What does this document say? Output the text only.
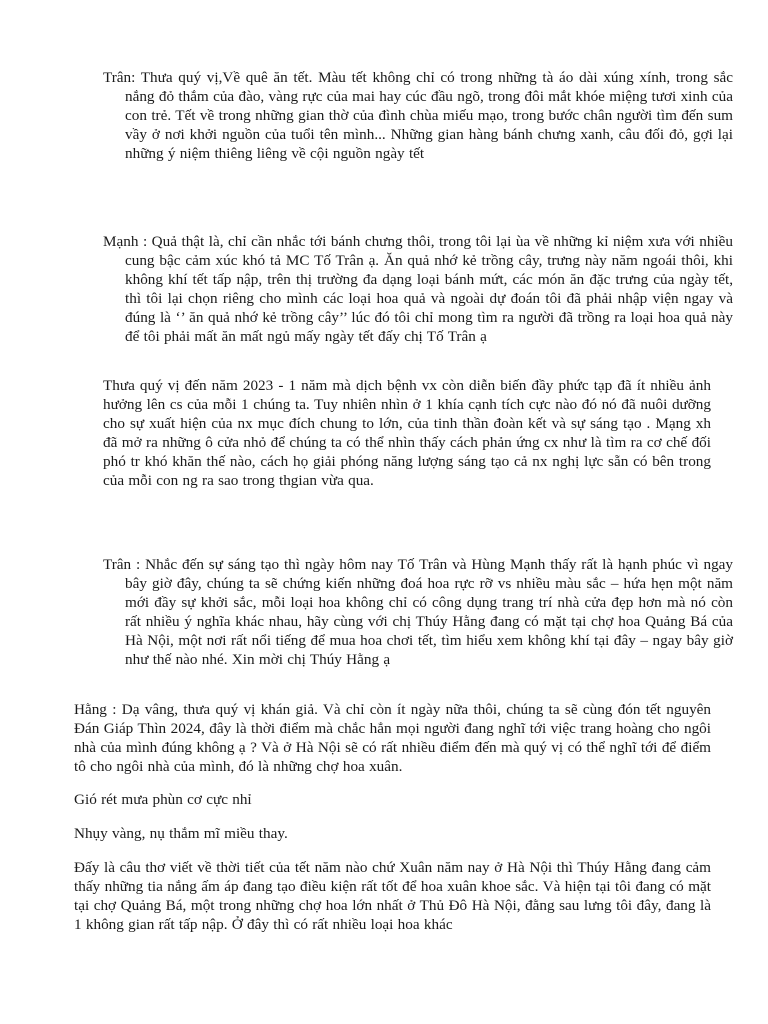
Trân: Thưa quý vị,Về quê ăn tết. Màu tết không chỉ có trong những tà áo dài xúng xính, trong sắc nắng đỏ thắm của đào, vàng rực của mai hay cúc đầu ngõ, trong đôi mắt khóe miệng tươi xinh của con trẻ. Tết về trong những gian thờ của đình chùa miếu mạo, trong bước chân người tìm đến sum vầy ở nơi khởi nguồn của tuổi tên mình... Những gian hàng bánh chưng xanh, câu đối đỏ, gợi lại những ý niệm thiêng liêng về cội nguồn ngày tết

Mạnh : Quả thật là, chỉ cần nhắc tới bánh chưng thôi, trong tôi lại ùa về những kỉ niệm xưa với nhiều cung bậc cảm xúc khó tả MC Tố Trân ạ. Ăn quả nhớ kẻ trồng cây, trưng này năm ngoái thôi, khi không khí tết tấp nập, trên thị trường đa dạng loại bánh mứt, các món ăn đặc trưng của ngày tết, thì tôi lại chọn riêng cho mình các loại hoa quả và ngoài dự đoán tôi đã phải nhập viện ngay và đúng là ‘’ ăn quả nhớ kẻ trồng cây’’ lúc đó tôi chỉ mong tìm ra người đã trồng ra loại hoa quả này để tôi phải mất ăn mất ngủ mấy ngày tết đấy chị Tố Trân ạ

Thưa quý vị đến năm 2023 - 1 năm mà dịch bệnh vx còn diễn biến đầy phức tạp đã ít nhiều ảnh hưởng lên cs của mỗi 1 chúng ta. Tuy nhiên nhìn ở 1 khía cạnh tích cực nào đó nó đã nuôi dưỡng cho sự xuất hiện của nx mục đích chung to lớn, của tinh thần đoàn kết và sự sáng tạo . Mạng xh đã mở ra những ô cửa nhỏ để chúng ta có thể nhìn thấy cách phản ứng cx như là tìm ra cơ chế đối phó tr khó khăn thế nào, cách họ giải phóng năng lượng sáng tạo cả nx nghị lực sẵn có bên trong của mỗi con ng ra sao trong thgian vừa qua.

Trân : Nhắc đến sự sáng tạo thì ngày hôm nay Tố Trân và Hùng Mạnh thấy rất là hạnh phúc vì ngay bây giờ đây, chúng ta sẽ chứng kiến những đoá hoa rực rỡ vs nhiều màu sắc – hứa hẹn một năm mới đầy sự khởi sắc, mỗi loại hoa không chỉ có công dụng trang trí nhà cửa đẹp hơn mà nó còn rất nhiều ý nghĩa khác nhau, hãy cùng với chị Thúy Hằng đang có mặt tại chợ hoa Quảng Bá của Hà Nội, một nơi rất nổi tiếng để mua hoa chơi tết, tìm hiểu xem không khí tại đây – ngay bây giờ như thế nào nhé. Xin mời chị Thúy Hằng ạ

Hằng : Dạ vâng, thưa quý vị khán giả. Và chỉ còn ít ngày nữa thôi, chúng ta sẽ cùng đón tết nguyên Đán Giáp Thìn 2024, đây là thời điểm mà chắc hẳn mọi người đang nghĩ tới việc trang hoàng cho ngôi nhà của mình đúng không ạ ? Và ở Hà Nội sẽ có rất nhiều điểm đến mà quý vị có thể nghĩ tới để điểm tô cho ngôi nhà của mình, đó là những chợ hoa xuân.

Gió rét mưa phùn cơ cực nhỉ

Nhụy vàng, nụ thắm mĩ miều thay.

Đấy là câu thơ viết về thời tiết của tết năm nào chứ Xuân năm nay ở Hà Nội thì Thúy Hằng đang cảm thấy những tia nắng ấm áp đang tạo điều kiện rất tốt để hoa xuân khoe sắc. Và hiện tại tôi đang có mặt tại chợ Quảng Bá, một trong những chợ hoa lớn nhất ở Thủ Đô Hà Nội, đằng sau lưng tôi đây, đang là 1 không gian rất tấp nập. Ở đây thì có rất nhiều loại hoa khác
